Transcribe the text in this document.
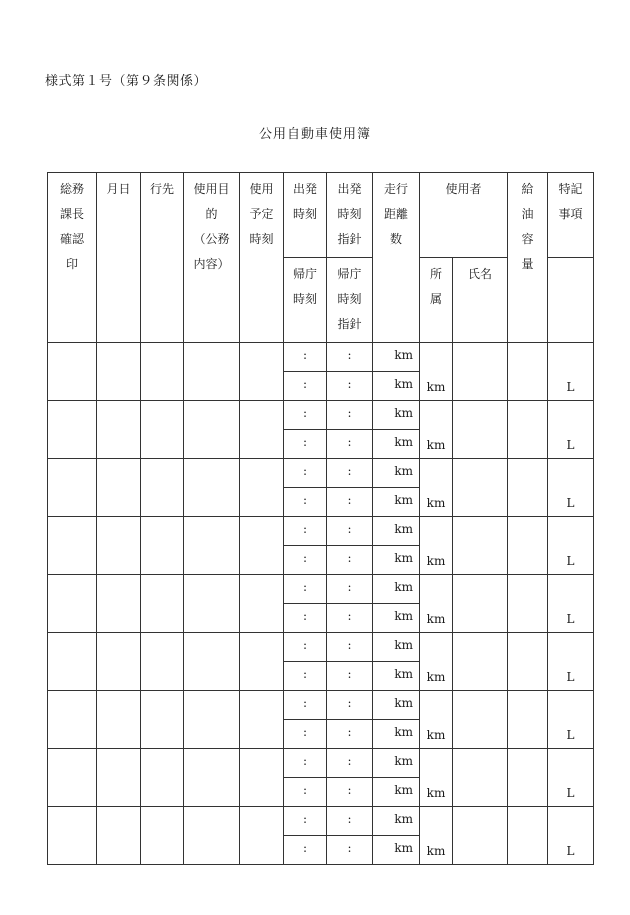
様式第１号（第９条関係）
公用自動車使用簿
総務
課長
確認
印	月日	行先	使用目
的
（公務
内容）	使用
予定
時刻	出発
時刻	出発
時刻
指針	走行
距離
数	使用者		給
油
容
量	特記
事項	

					帰庁
時刻	帰庁
時刻
指針		所
属	氏名			

					:	:	km	km			L	
					:	:	km					
					:	:	km	km			L	
					:	:	km					
					:	:	km	km			L	
					:	:	km					
					:	:	km	km			L	
					:	:	km					
					:	:	km	km			L	
					:	:	km					
					:	:	km	km			L	
					:	:	km					
					:	:	km	km			L	
					:	:	km					
					:	:	km	km			L	
					:	:	km					
					:	:	km	km			L	
					:	:	km					
